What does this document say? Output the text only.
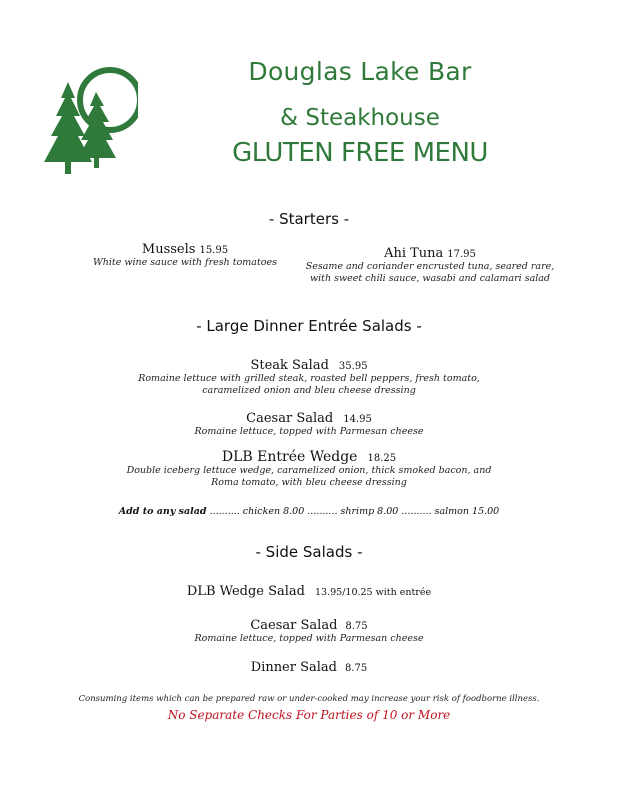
Douglas Lake Bar
& Steakhouse
GLUTEN FREE MENU
- Starters -
Mussels 15.95
White wine sauce with fresh tomatoes
Ahi Tuna 17.95
Sesame and coriander encrusted tuna, seared rare,
with sweet chili sauce, wasabi and calamari salad
- Large Dinner Entrée Salads -
Steak Salad 35.95
Romaine lettuce with grilled steak, roasted bell peppers, fresh tomato,
caramelized onion and bleu cheese dressing
Caesar Salad 14.95
Romaine lettuce, topped with Parmesan cheese
DLB Entrée Wedge 18.25
Double iceberg lettuce wedge, caramelized onion, thick smoked bacon, and
Roma tomato, with bleu cheese dressing
Add to any salad .......... chicken 8.00 .......... shrimp 8.00 .......... salmon 15.00
- Side Salads -
DLB Wedge Salad 13.95/10.25 with entrée
Caesar Salad 8.75
Romaine lettuce, topped with Parmesan cheese
Dinner Salad 8.75
Consuming items which can be prepared raw or under-cooked may increase your risk of foodborne illness.
No Separate Checks For Parties of 10 or More
